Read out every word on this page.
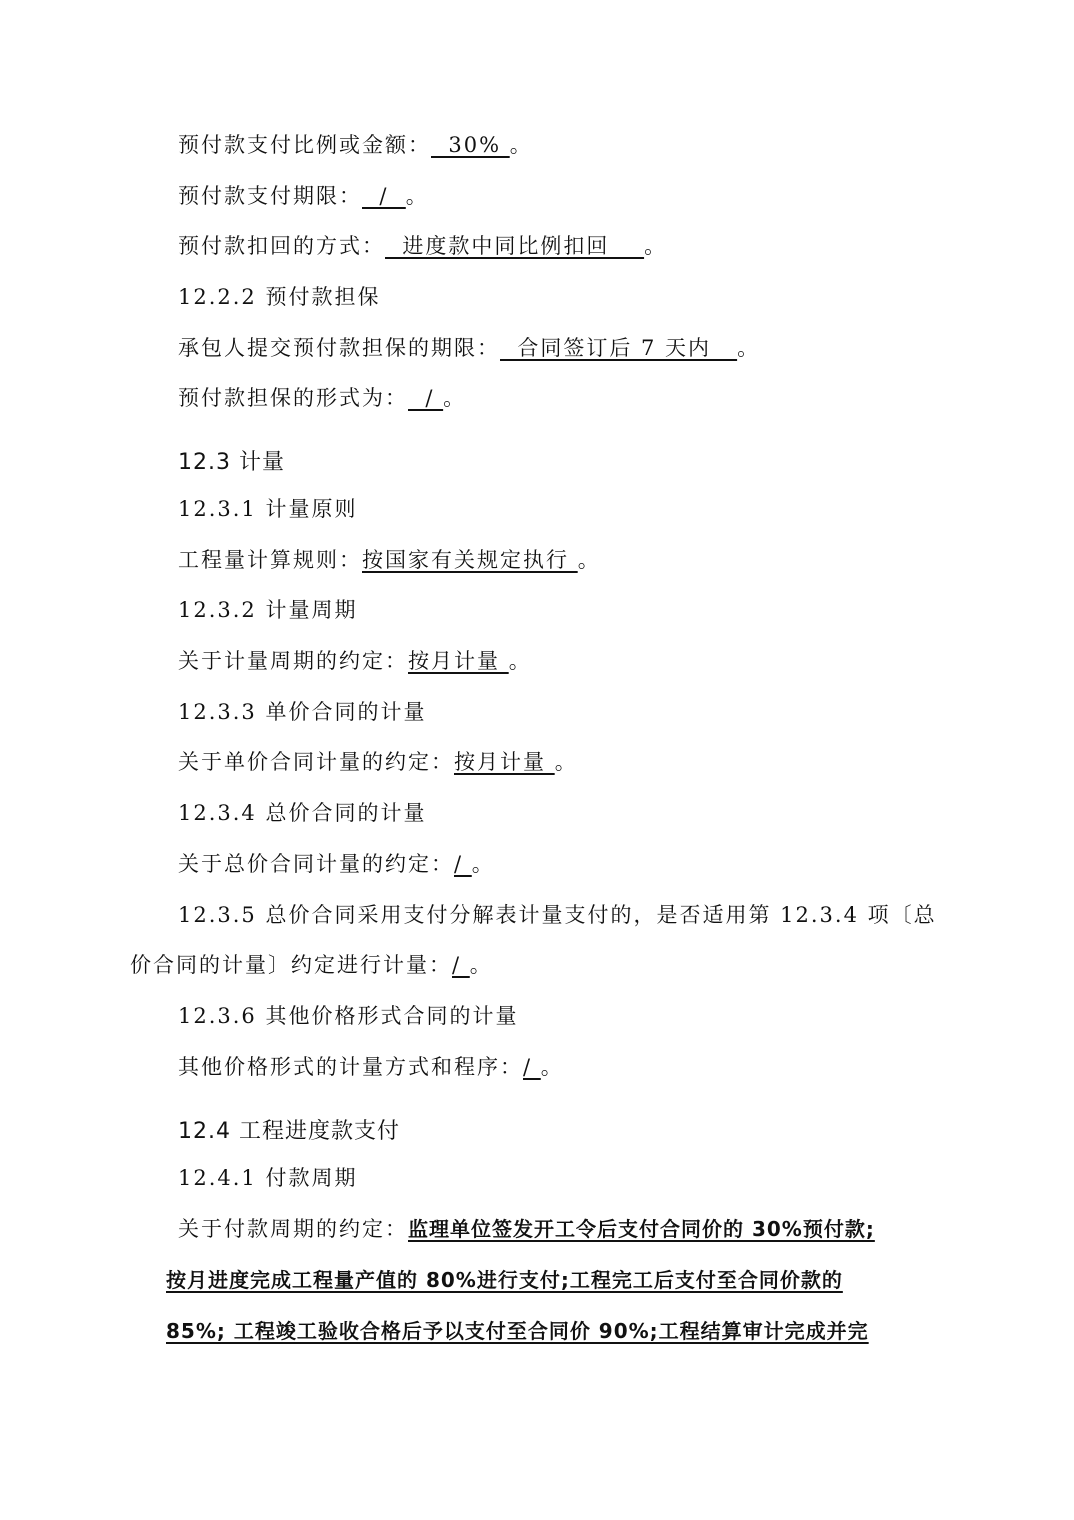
预付款支付比例或金额：  30% 。
预付款支付期限：  /  。
预付款扣回的方式：  进度款中同比例扣回    。
12.2.2 预付款担保
承包人提交预付款担保的期限：  合同签订后 7 天内   。
预付款担保的形式为：  / 。
12.3 计量
12.3.1 计量原则
工程量计算规则：按国家有关规定执行 。
12.3.2 计量周期
关于计量周期的约定：按月计量 。
12.3.3 单价合同的计量
关于单价合同计量的约定：按月计量 。
12.3.4 总价合同的计量
关于总价合同计量的约定：/ 。
12.3.5 总价合同采用支付分解表计量支付的，是否适用第 12.3.4 项〔总
价合同的计量〕约定进行计量：/ 。
12.3.6 其他价格形式合同的计量
其他价格形式的计量方式和程序：/ 。
12.4 工程进度款支付
12.4.1 付款周期
关于付款周期的约定：监理单位签发开工令后支付合同价的 30%预付款;
按月进度完成工程量产值的 80%进行支付;工程完工后支付至合同价款的
85%; 工程竣工验收合格后予以支付至合同价 90%;工程结算审计完成并完
